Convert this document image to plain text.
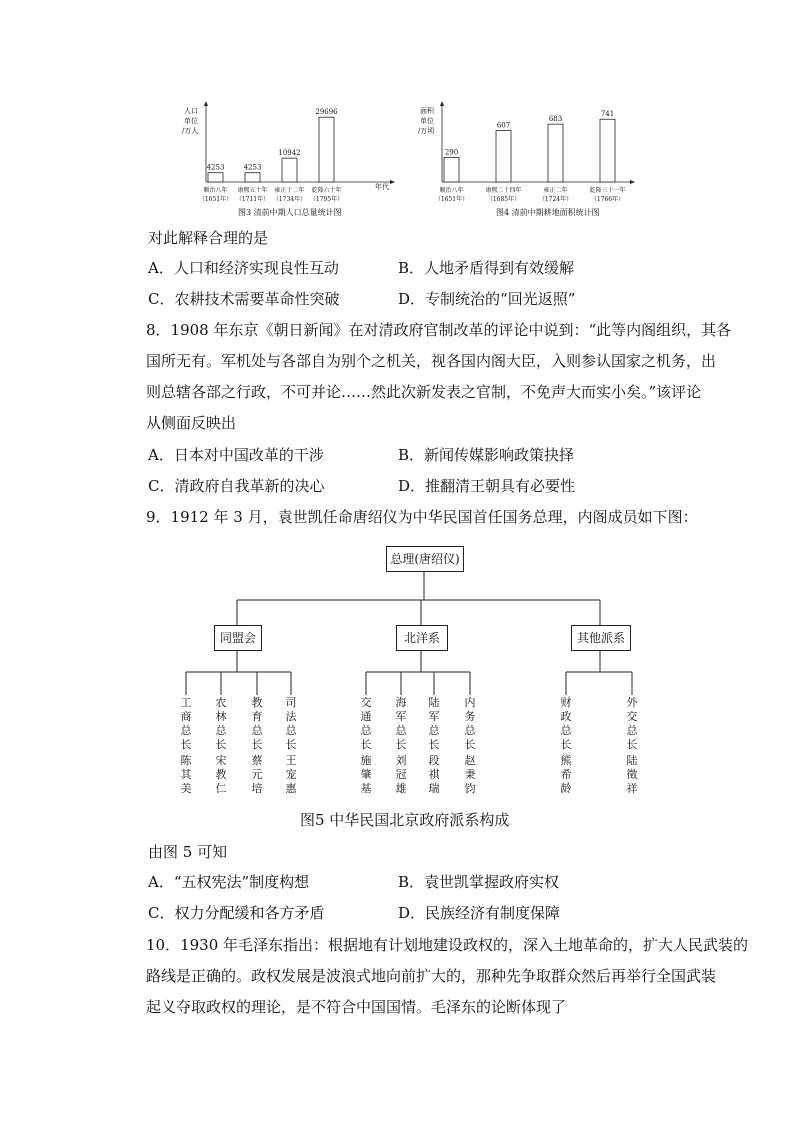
人口
单位
/万人
年代
图3 清前中期人口总量统计图
4253
顺治八年
（1651年）
4253
康熙五十年
（1711年）
10942
雍正十二年
（1734年）
29696
乾隆六十年
（1795年）
面积
单位
/万顷
图4 清前中期耕地面积统计图
290
顺治八年
（1651年）
607
康熙二十四年
（1685年）
683
雍正二年
（1724年）
741
乾隆三十一年
（1766年）
对此解释合理的是
A．人口和经济实现良性互动	B．人地矛盾得到有效缓解
C．农耕技术需要革命性突破	D．专制统治的“回光返照”
8．1908 年东京《朝日新闻》在对清政府官制改革的评论中说到：“此等内阁组织，其各
国所无有。军机处与各部自为别个之机关，视各国内阁大臣，入则参认国家之机务，出
则总辖各部之行政，不可并论……然此次新发表之官制，不免声大而实小矣。”该评论
从侧面反映出
A．日本对中国改革的干涉	B．新闻传媒影响政策抉择
C．清政府自我革新的决心	D．推翻清王朝具有必要性
9．1912 年 3 月，袁世凯任命唐绍仪为中华民国首任国务总理，内阁成员如下图：
总理(唐绍仪)
同盟会	北洋系	其他派系
工商总长
陈其美
农林总长
宋教仁
教育总长
蔡元培
司法总长
王宠惠
交通总长
施肇基
海军总长
刘冠雄
陆军总长
段祺瑞
内务总长
赵秉钧
财政总长
熊希龄
外交总长
陆徵祥
图5 中华民国北京政府派系构成
由图 5 可知
A．“五权宪法”制度构想	B．袁世凯掌握政府实权
C．权力分配缓和各方矛盾	D．民族经济有制度保障
10．1930 年毛泽东指出：根据地有计划地建设政权的，深入土地革命的，扩大人民武装的
路线是正确的。政权发展是波浪式地向前扩大的，那种先争取群众然后再举行全国武装
起义夺取政权的理论，是不符合中国国情。毛泽东的论断体现了
